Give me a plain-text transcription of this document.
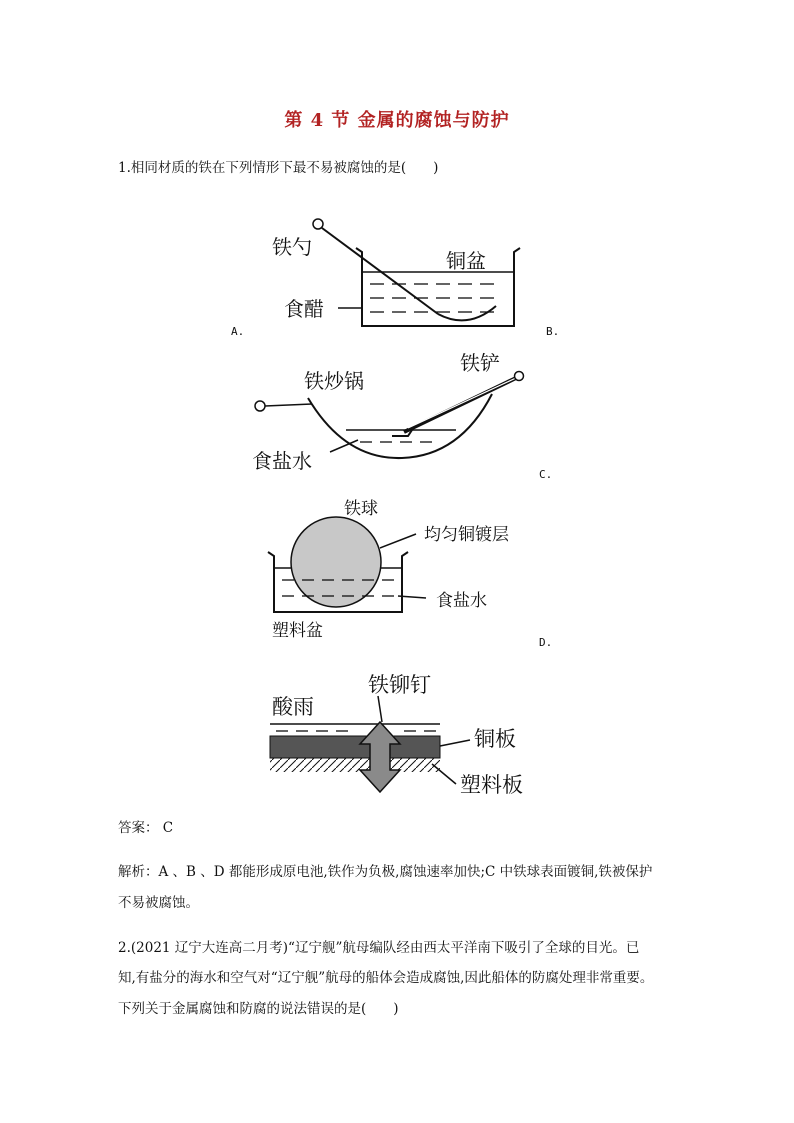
第 4 节 金属的腐蚀与防护
1.相同材质的铁在下列情形下最不易被腐蚀的是(　　)
铁勺
铜盆
食醋
铁炒锅
铁铲
食盐水
铁球
均匀铜镀层
食盐水
塑料盆
铁铆钉
酸雨
铜板
塑料板
A.	B.
C.
D.
答案： C
解析：A 、B 、D 都能形成原电池,铁作为负极,腐蚀速率加快;C 中铁球表面镀铜,铁被保护
不易被腐蚀。
2.(2021 辽宁大连高二月考)“辽宁舰”航母编队经由西太平洋南下吸引了全球的目光。已
知,有盐分的海水和空气对“辽宁舰”航母的船体会造成腐蚀,因此船体的防腐处理非常重要。
下列关于金属腐蚀和防腐的说法错误的是(　　)
